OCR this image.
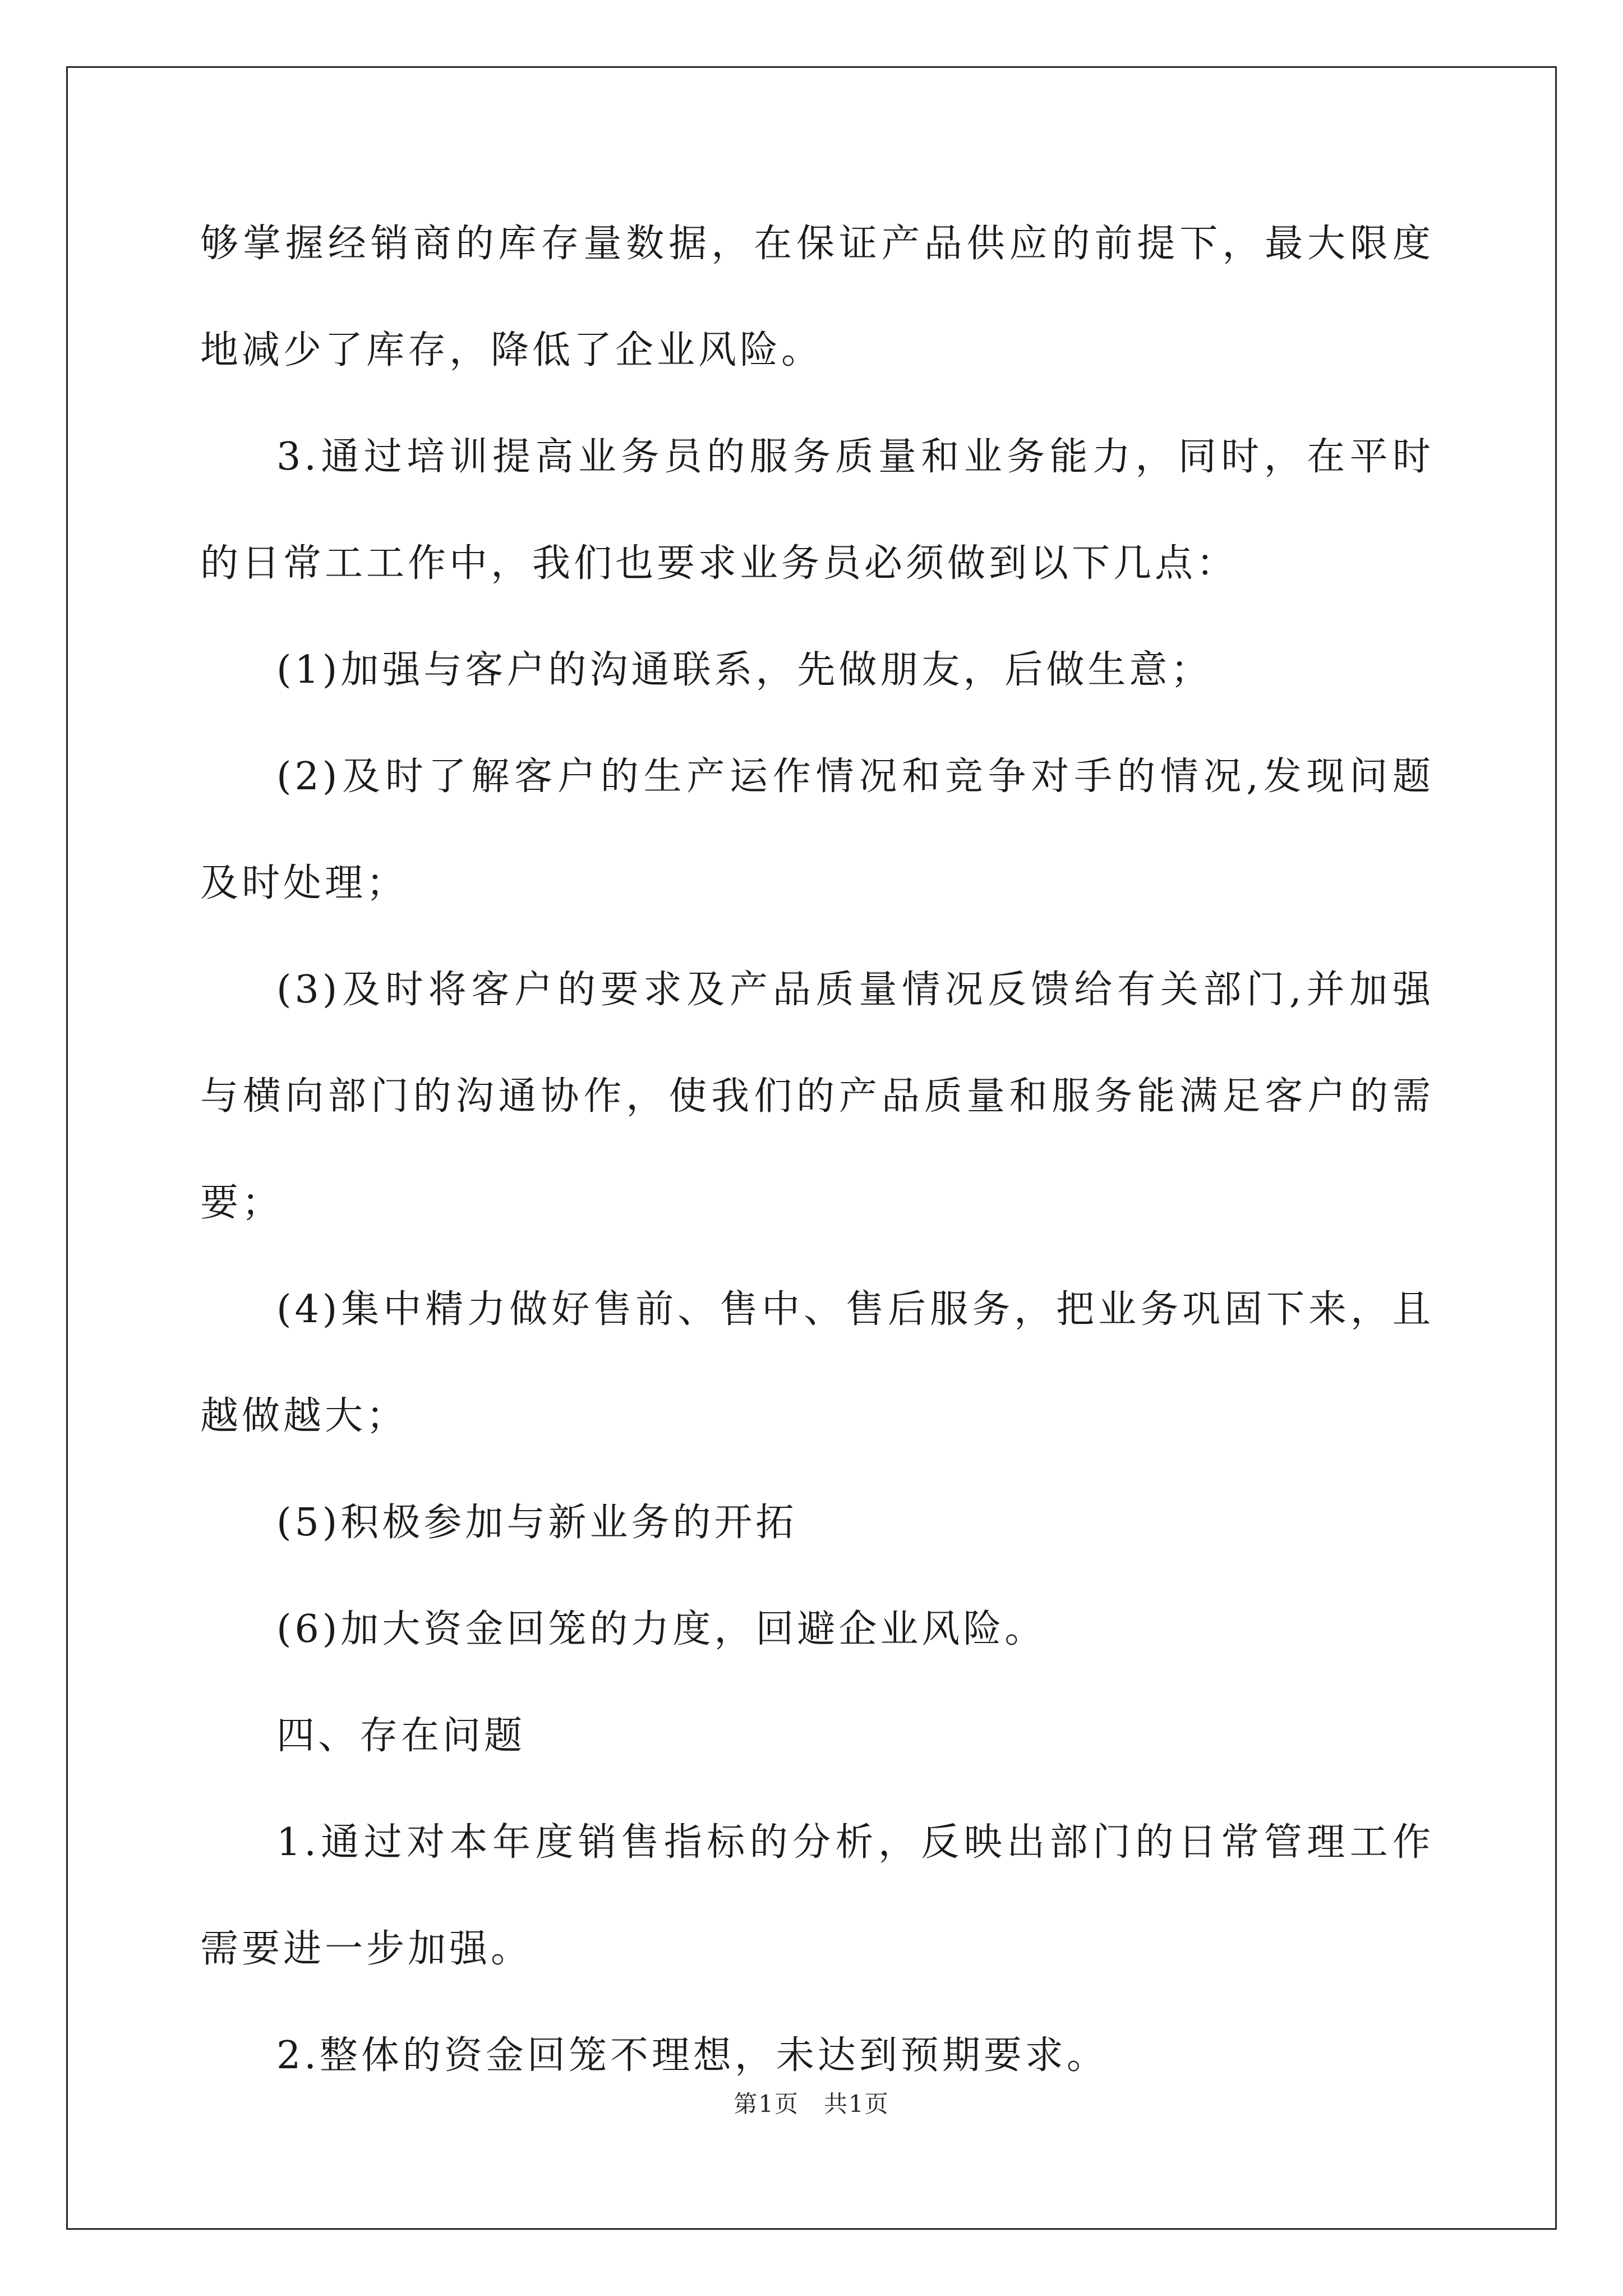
够掌握经销商的库存量数据，在保证产品供应的前提下，最大限度地减少了库存，降低了企业风险。

3.通过培训提高业务员的服务质量和业务能力，同时，在平时的日常工工作中，我们也要求业务员必须做到以下几点：

(1)加强与客户的沟通联系，先做朋友，后做生意；

(2)及时了解客户的生产运作情况和竞争对手的情况,发现问题及时处理；

(3)及时将客户的要求及产品质量情况反馈给有关部门,并加强与横向部门的沟通协作，使我们的产品质量和服务能满足客户的需要；

(4)集中精力做好售前、售中、售后服务，把业务巩固下来，且越做越大；

(5)积极参加与新业务的开拓

(6)加大资金回笼的力度，回避企业风险。

四、存在问题

1.通过对本年度销售指标的分析，反映出部门的日常管理工作需要进一步加强。

2.整体的资金回笼不理想，未达到预期要求。

第1页　共1页
